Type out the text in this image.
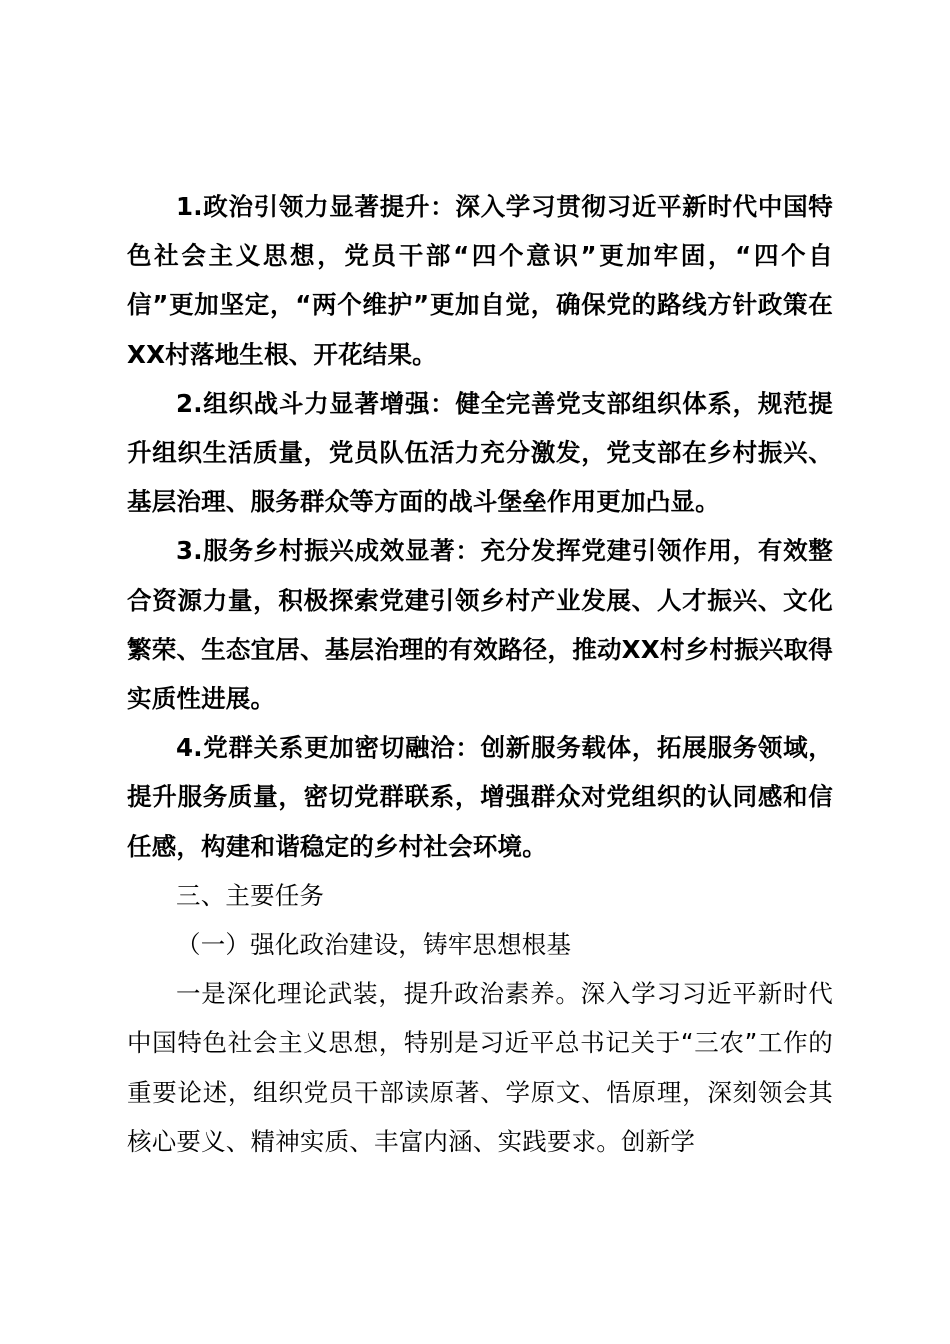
1.政治引领力显著提升：深入学习贯彻习近平新时代中国特色社会主义思想，党员干部“四个意识”更加牢固，“四个自信”更加坚定，“两个维护”更加自觉，确保党的路线方针政策在XX村落地生根、开花结果。

2.组织战斗力显著增强：健全完善党支部组织体系，规范提升组织生活质量，党员队伍活力充分激发，党支部在乡村振兴、基层治理、服务群众等方面的战斗堡垒作用更加凸显。

3.服务乡村振兴成效显著：充分发挥党建引领作用，有效整合资源力量，积极探索党建引领乡村产业发展、人才振兴、文化繁荣、生态宜居、基层治理的有效路径，推动XX村乡村振兴取得实质性进展。

4.党群关系更加密切融洽：创新服务载体，拓展服务领域，提升服务质量，密切党群联系，增强群众对党组织的认同感和信任感，构建和谐稳定的乡村社会环境。

三、主要任务

（一）强化政治建设，铸牢思想根基

一是深化理论武装，提升政治素养。深入学习习近平新时代中国特色社会主义思想，特别是习近平总书记关于“三农”工作的重要论述，组织党员干部读原著、学原文、悟原理，深刻领会其核心要义、精神实质、丰富内涵、实践要求。创新学
